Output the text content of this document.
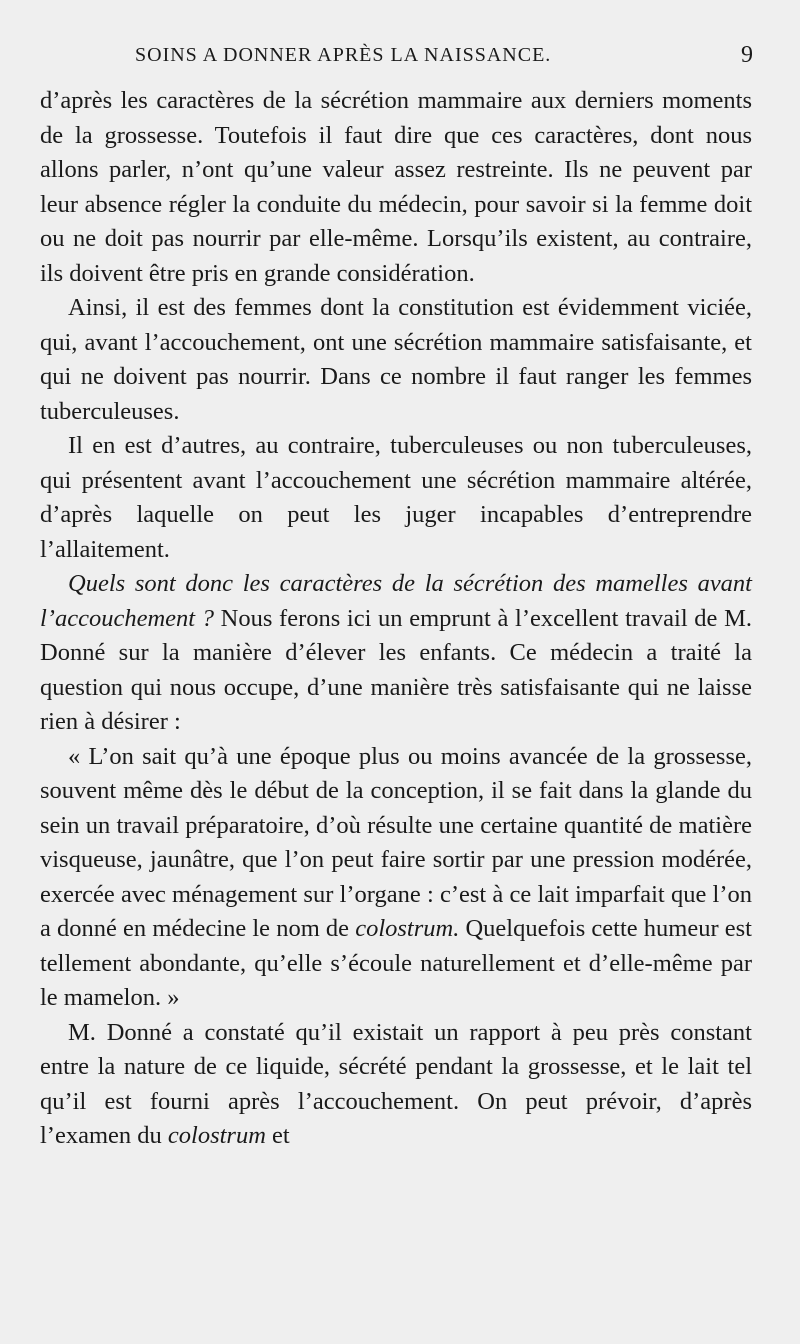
SOINS A DONNER APRÈS LA NAISSANCE.	9

d’après les caractères de la sécrétion mammaire aux derniers moments de la grossesse. Toutefois il faut dire que ces caractères, dont nous allons parler, n’ont qu’une valeur assez restreinte. Ils ne peuvent par leur absence régler la conduite du médecin, pour savoir si la femme doit ou ne doit pas nourrir par elle-même. Lorsqu’ils existent, au contraire, ils doivent être pris en grande considération.

Ainsi, il est des femmes dont la constitution est évidemment viciée, qui, avant l’accouchement, ont une sécrétion mammaire satisfaisante, et qui ne doivent pas nourrir. Dans ce nombre il faut ranger les femmes tuberculeuses.

Il en est d’autres, au contraire, tuberculeuses ou non tuberculeuses, qui présentent avant l’accouchement une sécrétion mammaire altérée, d’après laquelle on peut les juger incapables d’entreprendre l’allaitement.

Quels sont donc les caractères de la sécrétion des mamelles avant l’accouchement ? Nous ferons ici un emprunt à l’excellent travail de M. Donné sur la manière d’élever les enfants. Ce médecin a traité la question qui nous occupe, d’une manière très satisfaisante qui ne laisse rien à désirer :

« L’on sait qu’à une époque plus ou moins avancée de la grossesse, souvent même dès le début de la conception, il se fait dans la glande du sein un travail préparatoire, d’où résulte une certaine quantité de matière visqueuse, jaunâtre, que l’on peut faire sortir par une pression modérée, exercée avec ménagement sur l’organe : c’est à ce lait imparfait que l’on a donné en médecine le nom de colostrum. Quelquefois cette humeur est tellement abondante, qu’elle s’écoule naturellement et d’elle-même par le mamelon. »

M. Donné a constaté qu’il existait un rapport à peu près constant entre la nature de ce liquide, sécrété pendant la grossesse, et le lait tel qu’il est fourni après l’accouchement. On peut prévoir, d’après l’examen du colostrum et
